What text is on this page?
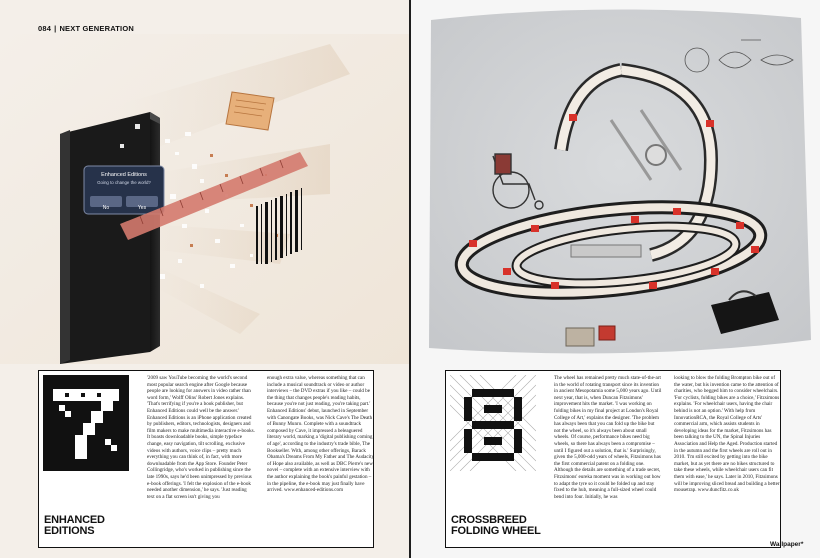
084 | NEXT GENERATION
Enhanced Editions
Going to change the world?
No	Yes
ENHANCED
EDITIONS

'2009 saw YouTube becoming the world's second most popular search engine after Google because people are looking for answers in video rather than word form,' Wolff Olins' Robert Jones explains. 'That's terrifying if you're a book publisher, but Enhanced Editions could well be the answer.' Enhanced Editions is an iPhone application created by publishers, editors, technologists, designers and film makers to make multimedia interactive e-books. It boasts downloadable books, simple typeface change, easy navigation, tilt scrolling, exclusive videos with authors, voice clips – pretty much everything you can think of, in fact, with more downloadable from the App Store. Founder Peter Collingridge, who's worked in publishing since the late 1990s, says he'd been unimpressed by previous e-book offerings. 'I felt the explosion of the e-book needed another dimension,' he says. 'Just reading text on a flat screen isn't giving you

enough extra value, whereas something that can include a musical soundtrack or video or author interviews – the DVD extras if you like – could be the thing that changes people's reading habits, because you're not just reading, you're taking part.' Enhanced Editions' debut, launched in September with Canongate Books, was Nick Cave's The Death of Bunny Munro. Complete with a soundtrack composed by Cave, it impressed a beleaguered literary world, marking a 'digital publishing coming of age', according to the industry's trade bible, The Bookseller. With, among other offerings, Barack Obama's Dreams From My Father and The Audacity of Hope also available, as well as DBC Pierre's new novel – complete with an extensive interview with the author explaining the book's painful gestation – in the pipeline, the e-book may just finally have arrived. www.enhanced-editions.com

CROSSBREED
FOLDING WHEEL

The wheel has remained pretty much state-of-the-art in the world of rotating transport since its invention in ancient Mesopotamia some 5,000 years ago. Until next year, that is, when Duncan Fitzsimons' improvement hits the market. 'I was working on folding bikes in my final project at London's Royal College of Art,' explains the designer. 'The problem has always been that you can fold up the bike but not the wheel, so it's always been about small wheels. Of course, performance bikes need big wheels, so there has always been a compromise – until I figured out a solution, that is.' Surprisingly, given the 5,000-odd years of wheels, Fitzsimons has the first commercial patent on a folding one. Although the details are something of a trade secret, Fitzsimons' eureka moment was in working out how to adapt the tyre so it could be folded up and stay fixed to the hub, meaning a full-sized wheel could bend into four. Initially, he was

looking to blow the folding Brompton bike out of the water, but his invention came to the attention of charities, who begged him to consider wheelchairs. 'For cyclists, folding bikes are a choice,' Fitzsimons explains. 'For wheelchair users, having the chair behind is not an option.' With help from InnovationRCA, the Royal College of Arts' commercial arm, which assists students in developing ideas for the market, Fitzsimons has been talking to the UN, the Spinal Injuries Association and Help the Aged. Production started in the autumn and the first wheels are roll out in 2010. 'I'm still excited by getting into the bike market, but as yet there are no bikes structured to take these wheels, while wheelchair users can fit them with ease,' he says. Later in 2010, Fitzsimons will be improving sliced bread and building a better mousetrap. www.duncfitz.co.uk

Wallpaper*
